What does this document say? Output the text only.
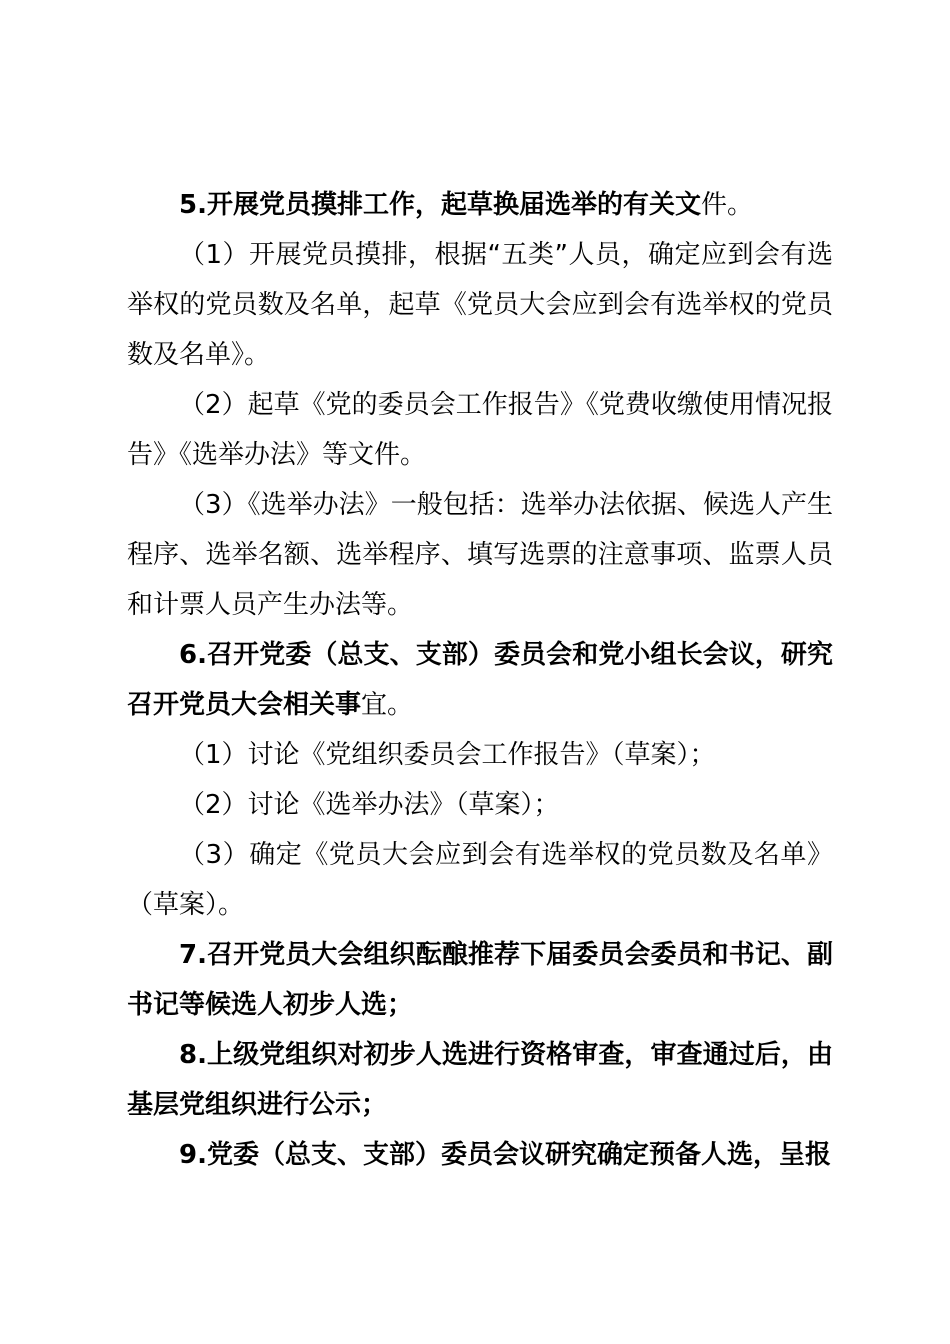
5.开展党员摸排工作，起草换届选举的有关文件。

（1）开展党员摸排，根据“五类”人员，确定应到会有选举权的党员数及名单，起草《党员大会应到会有选举权的党员数及名单》。

（2）起草《党的委员会工作报告》《党费收缴使用情况报告》《选举办法》等文件。

（3）《选举办法》一般包括：选举办法依据、候选人产生程序、选举名额、选举程序、填写选票的注意事项、监票人员和计票人员产生办法等。

6.召开党委（总支、支部）委员会和党小组长会议，研究召开党员大会相关事宜。

（1）讨论《党组织委员会工作报告》（草案）；

（2）讨论《选举办法》（草案）；

（3）确定《党员大会应到会有选举权的党员数及名单》（草案）。

7.召开党员大会组织酝酿推荐下届委员会委员和书记、副书记等候选人初步人选；

8.上级党组织对初步人选进行资格审查，审查通过后，由基层党组织进行公示；

9.党委（总支、支部）委员会议研究确定预备人选，呈报
